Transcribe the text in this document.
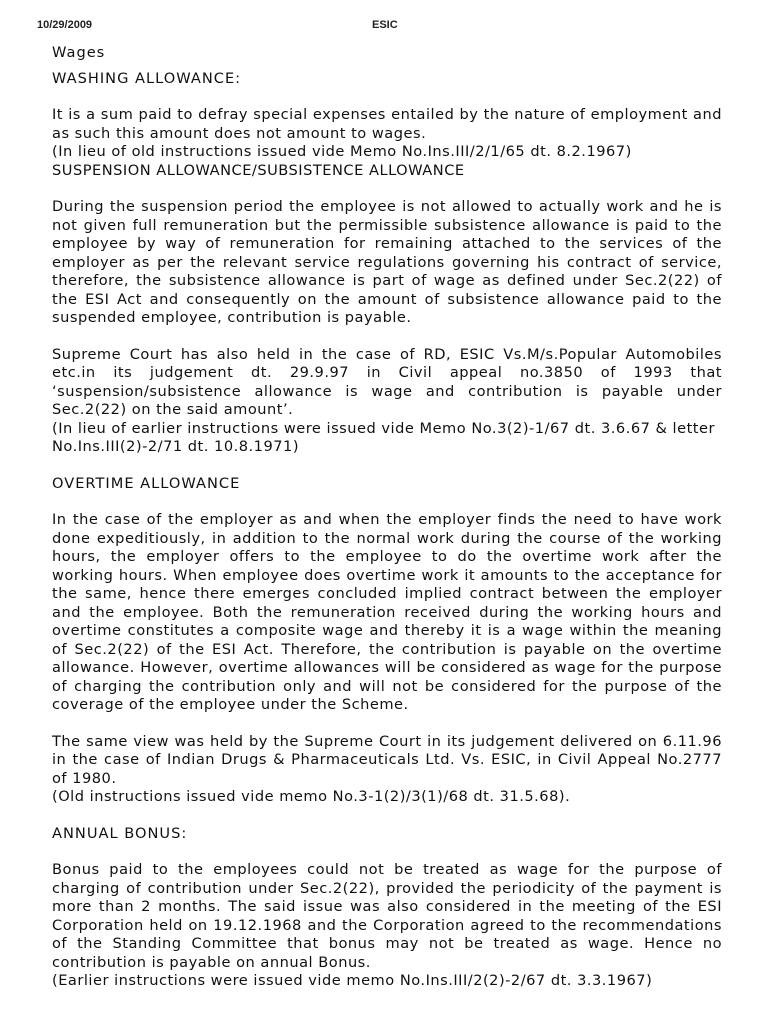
10/29/2009	ESIC

Wages

WASHING ALLOWANCE:

It is a sum paid to defray special expenses entailed by the nature of employment and as such this amount does not amount to wages.

(In lieu of old instructions issued vide Memo No.Ins.III/2/1/65 dt. 8.2.1967)

SUSPENSION ALLOWANCE/SUBSISTENCE ALLOWANCE

During the suspension period the employee is not allowed to actually work and he is not given full remuneration but the permissible subsistence allowance is paid to the employee by way of remuneration for remaining attached to the services of the employer as per the relevant service regulations governing his contract of service, therefore, the subsistence allowance is part of wage as defined under Sec.2(22) of the ESI Act and consequently on the amount of subsistence allowance paid to the suspended employee, contribution is payable.

Supreme Court has also held in the case of RD, ESIC Vs.M/s.Popular Automobiles etc.in its judgement dt. 29.9.97 in Civil appeal no.3850 of 1993 that ‘suspension/subsistence allowance is wage and contribution is payable under Sec.2(22) on the said amount’.

(In lieu of earlier instructions were issued vide Memo No.3(2)-1/67 dt. 3.6.67 & letter No.Ins.III(2)-2/71 dt. 10.8.1971)

OVERTIME ALLOWANCE

In the case of the employer as and when the employer finds the need to have work done expeditiously, in addition to the normal work during the course of the working hours, the employer offers to the employee to do the overtime work after the working hours. When employee does overtime work it amounts to the acceptance for the same, hence there emerges concluded implied contract between the employer and the employee. Both the remuneration received during the working hours and overtime constitutes a composite wage and thereby it is a wage within the meaning of Sec.2(22) of the ESI Act. Therefore, the contribution is payable on the overtime allowance. However, overtime allowances will be considered as wage for the purpose of charging the contribution only and will not be considered for the purpose of the coverage of the employee under the Scheme.

The same view was held by the Supreme Court in its judgement delivered on 6.11.96 in the case of Indian Drugs & Pharmaceuticals Ltd. Vs. ESIC, in Civil Appeal No.2777 of 1980.

(Old instructions issued vide memo No.3-1(2)/3(1)/68 dt. 31.5.68).

ANNUAL BONUS:

Bonus paid to the employees could not be treated as wage for the purpose of charging of contribution under Sec.2(22), provided the periodicity of the payment is more than 2 months. The said issue was also considered in the meeting of the ESI Corporation held on 19.12.1968 and the Corporation agreed to the recommendations of the Standing Committee that bonus may not be treated as wage. Hence no contribution is payable on annual Bonus.

(Earlier instructions were issued vide memo No.Ins.III/2(2)-2/67 dt. 3.3.1967)
